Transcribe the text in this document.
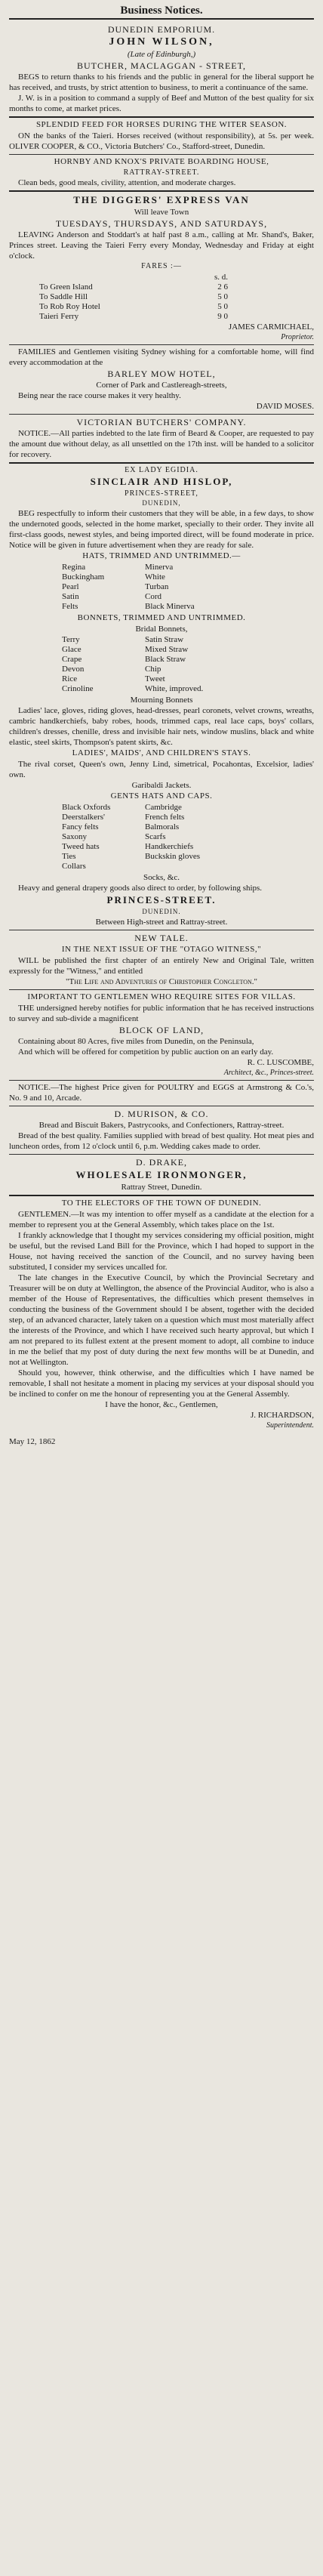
Business Notices.
DUNEDIN EMPORIUM.
JOHN WILSON,
(Late of Edinburgh,)
BUTCHER, MACLAGGAN - STREET,

BEGS to return thanks to his friends and the public in general for the liberal support he has received, and trusts, by strict attention to business, to merit a continuance of the same.

J. W. is in a position to command a supply of Beef and Mutton of the best quality for six months to come, at market prices.

SPLENDID FEED FOR HORSES DURING THE WITER SEASON.

ON the banks of the Taieri. Horses received (without responsibility), at 5s. per week. OLIVER COOPER, & CO., Victoria Butchers' Co., Stafford-street, Dunedin.

HORNBY AND KNOX'S PRIVATE BOARDING HOUSE,
RATTRAY-STREET.

Clean beds, good meals, civility, attention, and moderate charges.

THE DIGGERS' EXPRESS VAN
Will leave Town
TUESDAYS, THURSDAYS, AND SATURDAYS,

LEAVING Anderson and Stoddart's at half past 8 a.m., calling at Mr. Shand's, Baker, Princes street. Leaving the Taieri Ferry every Monday, Wednesday and Friday at eight o'clock.

FARES :—
s. d.
To Green Island	2 6
To Saddle Hill	5 0
To Rob Roy Hotel	5 0
Taieri Ferry	9 0
JAMES CARMICHAEL,
Proprietor.

FAMILIES and Gentlemen visiting Sydney wishing for a comfortable home, will find every accommodation at the

BARLEY MOW HOTEL,
Corner of Park and Castlereagh-streets,

Being near the race course makes it very healthy.

DAVID MOSES.
VICTORIAN BUTCHERS' COMPANY.

NOTICE.—All parties indebted to the late firm of Beard & Cooper, are requested to pay the amount due without delay, as all unsettled on the 17th inst. will be handed to a solicitor for recovery.

EX LADY EGIDIA.
SINCLAIR AND HISLOP,
PRINCES-STREET,
DUNEDIN,

BEG respectfully to inform their customers that they will be able, in a few days, to show the undernoted goods, selected in the home market, specially to their order. They invite all first-class goods, newest styles, and being imported direct, will be found moderate in price. Notice will be given in future advertisement when they are ready for sale.

HATS, TRIMMED AND UNTRIMMED.—
Regina	Minerva
Buckingham	White
Pearl	Turban
Satin	Cord
Felts	Black Minerva
BONNETS, TRIMMED AND UNTRIMMED.
Bridal Bonnets,
Terry	Satin Straw
Glace	Mixed Straw
Crape	Black Straw
Devon	Chip
Rice	Tweet
Crinoline	White, improved.
Mourning Bonnets

Ladies' lace, gloves, riding gloves, head-dresses, pearl coronets, velvet crowns, wreaths, cambric handkerchiefs, baby robes, hoods, trimmed caps, real lace caps, boys' collars, children's dresses, chenille, dress and invisible hair nets, window muslins, black and white elastic, steel skirts, Thompson's patent skirts, &c.

LADIES', MAIDS', AND CHILDREN'S STAYS.

The rival corset, Queen's own, Jenny Lind, simetrical, Pocahontas, Excelsior, ladies' own.

Garibaldi Jackets.
GENTS HATS AND CAPS.
Black Oxfords	Cambridge
Deerstalkers'	French felts
Fancy felts	Balmorals
Saxony	Scarfs
Tweed hats	Handkerchiefs
Ties	Buckskin gloves
Collars
Socks, &c.

Heavy and general drapery goods also direct to order, by following ships.

PRINCES-STREET.
DUNEDIN.
Between High-street and Rattray-street.
NEW TALE.
IN THE NEXT ISSUE OF THE "OTAGO WITNESS,"

WILL be published the first chapter of an entirely New and Original Tale, written expressly for the "Witness," and entitled

"The Life and Adventures of Christopher Congleton."
IMPORTANT TO GENTLEMEN WHO REQUIRE SITES FOR VILLAS.

THE undersigned hereby notifies for public information that he has received instructions to survey and sub-divide a magnificent

BLOCK OF LAND,

Containing about 80 Acres, five miles from Dunedin, on the Peninsula,

And which will be offered for competition by public auction on an early day.

R. C. LUSCOMBE,
Architect, &c., Princes-street.

NOTICE.—The highest Price given for POULTRY and EGGS at Armstrong & Co.'s, No. 9 and 10, Arcade.

D. MURISON, & CO.
Bread and Biscuit Bakers, Pastrycooks, and Confectioners, Rattray-street.

Bread of the best quality. Families supplied with bread of best quality. Hot meat pies and luncheon ordes, from 12 o'clock until 6, p.m. Wedding cakes made to order.

D. DRAKE,
WHOLESALE IRONMONGER,
Rattray Street, Dunedin.
TO THE ELECTORS OF THE TOWN OF DUNEDIN.

GENTLEMEN.—It was my intention to offer myself as a candidate at the election for a member to represent you at the General Assembly, which takes place on the 1st.

I frankly acknowledge that I thought my services considering my official position, might be useful, but the revised Land Bill for the Province, which I had hoped to support in the House, not having received the sanction of the Council, and no survey having been substituted, I consider my services uncalled for.

The late changes in the Executive Council, by which the Provincial Secretary and Treasurer will be on duty at Wellington, the absence of the Provincial Auditor, who is also a member of the House of Representatives, the difficulties which present themselves in conducting the business of the Government should I be absent, together with the decided step, of an advanced character, lately taken on a question which must most materially affect the interests of the Province, and which I have received such hearty approval, but which I am not prepared to its fullest extent at the present moment to adopt, all combine to induce in me the belief that my post of duty during the next few months will be at Dunedin, and not at Wellington.

Should you, however, think otherwise, and the difficulties which I have named be removable, I shall not hesitate a moment in placing my services at your disposal should you be inclined to confer on me the honour of representing you at the General Assembly.

I have the honor, &c., Gentlemen,
J. RICHARDSON,
Superintendent.
May 12, 1862
